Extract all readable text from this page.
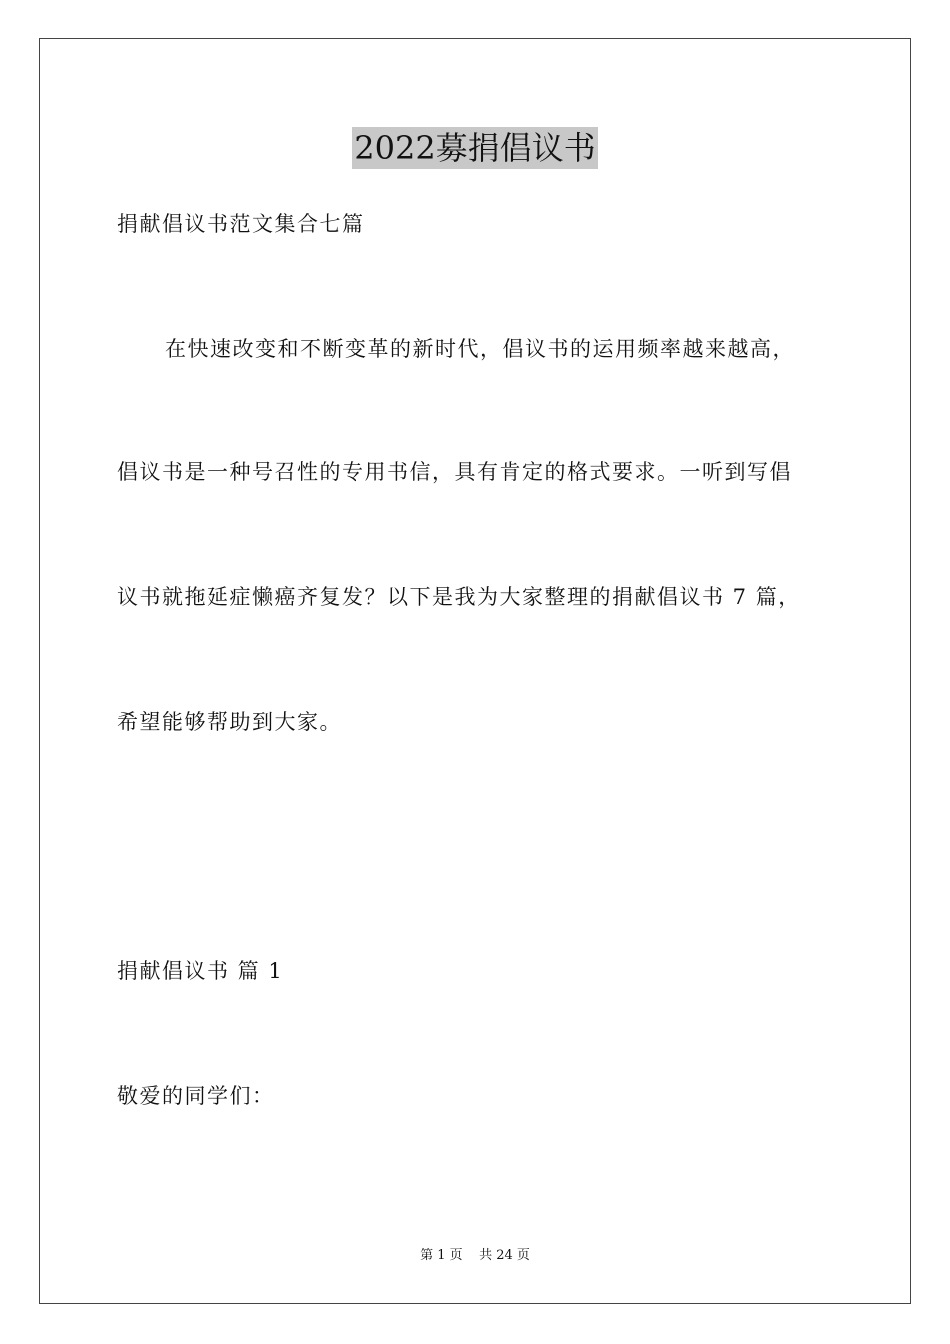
2022募捐倡议书
捐献倡议书范文集合七篇
在快速改变和不断变革的新时代，倡议书的运用频率越来越高，
倡议书是一种号召性的专用书信，具有肯定的格式要求。一听到写倡
议书就拖延症懒癌齐复发？以下是我为大家整理的捐献倡议书 7 篇，
希望能够帮助到大家。
捐献倡议书 篇 1
敬爱的同学们：
第 1 页    共 24 页
